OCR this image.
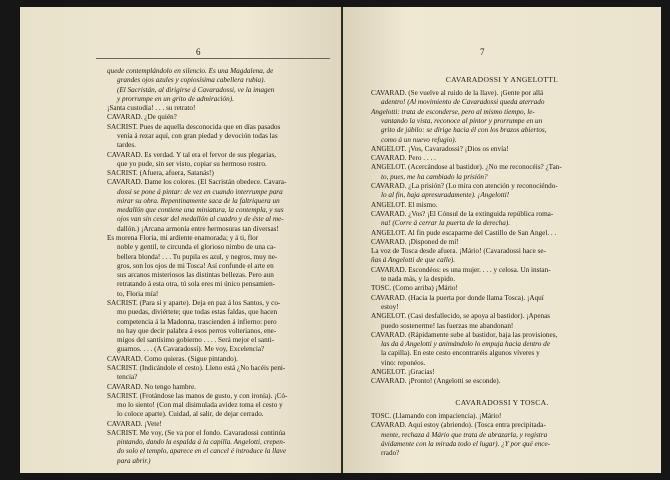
6
quede contemplándolo en silencio. Es una Magdalena, de
grandes ojos azules y copiosísima cabellera rubia).
(El Sacristán, al dirigirse á Cavaradossi, ve la imagen
y prorrumpe en un grito de admiración).
¡Santa custodia! . . . su retrato!
CAVARAD. ¿De quién?
SACRIST. Pues de aquella desconocida que en días pasados
venía á rezar aquí, con gran piedad y devoción todas las
tardes.
CAVARAD. Es verdad. Y tal era el fervor de sus plegarias,
que yo pude, sin ser visto, copiar su hermoso rostro.
SACRIST. (Afuera, afuera, Satanás!)
CAVARAD. Dame los colores. (El Sacristán obedece. Cavara-
dossi se pone á pintar: de vez en cuando interrumpe para
mirar su obra. Repentinamente saca de la faltriquera un
medallón que contiene una miniatura, la contempla, y sus
ojos van sin cesar del medallón al cuadro y de éste al me-
dallón.) ¡Arcana armonía entre hermosuras tan diversas!
Es morena Floria, mi ardiente enamorada; y á ti, flor
noble y gentil, te circunda el glorioso nimbo de una ca-
bellera blonda! . . . Tu pupila es azul, y negros, muy ne-
gros, son los ojos de mi Tosca! Así confunde el arte en
sus arcanos misteriosos las distintas bellezas. Pero aun
retratando á esta otra, tú sola eres mi único pensamien-
to, Floria mía!
SACRIST. (Para sí y aparte). Deja en paz á los Santos, y co-
mo puedas, diviértete; que todas estas faldas, que hacen
competencia á la Madonna, trascienden á infierno: pero
no hay que decir palabra á esos perros volterianos, ene-
migos del santísimo gobierno . . . . Será mejor el santi-
guarnos. . . . (A Cavaradossi). Me voy, Excelencia?
CAVARAD. Como quieras. (Sigue pintando).
SACRIST. (Indicándole el cesto). Lleno está ¿No hacéis peni-
tencia?
CAVARAD. No tengo hambre.
SACRIST. (Frotándose las manos de gusto, y con ironía). ¡Có-
mo lo siento! (Con mal disimulada avidez toma el cesto y
lo coloce aparte). Cuidad, al salir, de dejar cerrado.
CAVARAD. ¡Vete!
SACRIST. Me voy, (Se va por el fondo. Cavaradossi continúa
pintando, dando la espalda á la capilla. Angelotti, crepen-
do solo el templo, aparece en el cancel é introduce la llave
para abrir.)
7
CAVARADOSSI Y ANGELOTTI.
CAVARAD. (Se vuelve al ruido de la llave). ¡Gente por allá
adentro! (Al movimiento de Cavaradossi queda aterrado
Angelotti: trata de esconderse, pero al mismo tiempo, le-
vantando la vista, reconoce al pintor y prorrumpe en un
grito de júbilo: se dirige hacia él con los brazos abiertos,
como á un nuevo refugio).
ANGELOT. ¡Vos, Cavaradossi? ¡Dios os envía!
CAVARAD. Pero . . . .
ANGELOT. (Acercándose al bastidor). ¿No me reconocéis? ¿Tan-
to, pues, me ha cambiado la prisión?
CAVARAD. ¿La prisión? (Lo mira con atención y reconociéndo-
lo al fin, baja apresuradamente). ¡Angelotti!
ANGELOT. El mismo.
CAVARAD. ¿Vos? ¡El Cónsul de la extinguida república roma-
na! (Corre á cerrar la puerta de la derecha).
ANGELOT. Al fin pude escaparme del Castillo de San Angel. . .
CAVARAD. ¡Disponed de mí!
La voz de Tosca desde afuera. ¡Mário! (Cavaradossi hace se-
ñas á Angelotti de que calle).
CAVARAD. Escondéos: es una mujer. . . . y celosa. Un instan-
te nada más, y la despido.
TOSC. (Como arriba) ¡Mário!
CAVARAD. (Hacia la puerta por donde llama Tosca). ¡Aquí
estoy!
ANGELOT. (Casi desfallecido, se apoya al bastidor). ¡Apenas
puedo sostenerme! las fuerzas me abandonan!
CAVARAD. (Rápidamente sube al bastidor, baja las provisiones,
las da á Angelotti y animándolo lo empuja hacia dentro de
la capilla). En este cesto encontraréis algunos víveres y
vino: reponéos.
ANGELOT. ¡Gracias!
CAVARAD. ¡Pronto! (Angelotti se esconde).
CAVARADOSSI Y TOSCA.
TOSC. (Llamando con impaciencia). ¡Mário!
CAVARAD. Aquí estoy (abriendo). (Tosca entra precipitada-
mente, rechaza á Mário que trata de abrazarla, y registra
ávidamente con la mirada todo el lugar). ¿Y por qué ence-
rrado?
